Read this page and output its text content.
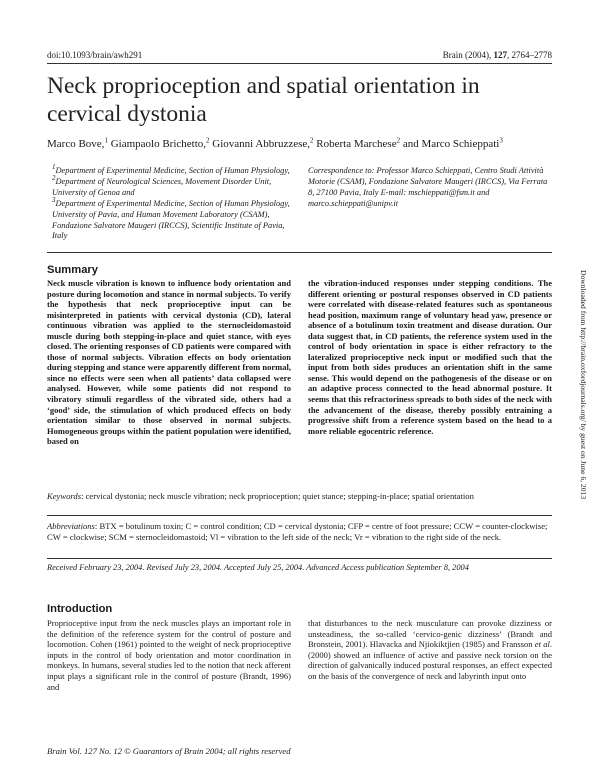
doi:10.1093/brain/awh291	Brain (2004), 127, 2764–2778
Neck proprioception and spatial orientation in cervical dystonia
Marco Bove,$^1$ Giampaolo Brichetto,$^2$ Giovanni Abbruzzese,$^2$ Roberta Marchese$^2$ and Marco Schieppati$^3$
$^1$Department of Experimental Medicine, Section of Human Physiology, $^2$Department of Neurological Sciences, Movement Disorder Unit, University of Genoa and
$^3$Department of Experimental Medicine, Section of Human Physiology, University of Pavia, and Human Movement Laboratory (CSAM), Fondazione Salvatore Maugeri (IRCCS), Scientific Institute of Pavia, Italy
Correspondence to: Professor Marco Schieppati, Centro Studi Attività Motorie (CSAM), Fondazione Salvatore Maugeri (IRCCS), Via Ferrata 8, 27100 Pavia, Italy E-mail: mschieppati@fsm.it and marco.schieppati@unipv.it
Summary
Neck muscle vibration is known to influence body orientation and posture during locomotion and stance in normal subjects. To verify the hypothesis that neck proprioceptive input can be misinterpreted in patients with cervical dystonia (CD), lateral continuous vibration was applied to the sternocleidomastoid muscle during both stepping-in-place and quiet stance, with eyes closed. The orienting responses of CD patients were compared with those of normal subjects. Vibration effects on body orientation during stepping and stance were apparently different from normal, since no effects were seen when all patients’ data collapsed were analysed. However, while some patients did not respond to vibratory stimuli regardless of the vibrated side, others had a ‘good’ side, the stimulation of which produced effects on body orientation similar to those observed in normal subjects. Homogeneous groups within the patient population were identified, based on
the vibration-induced responses under stepping conditions. The different orienting or postural responses observed in CD patients were correlated with disease-related features such as spontaneous head position, maximum range of voluntary head yaw, presence or absence of a botulinum toxin treatment and disease duration. Our data suggest that, in CD patients, the reference system used in the control of body orientation in space is either refractory to the lateralized proprioceptive neck input or modified such that the input from both sides produces an orientation shift in the same sense. This would depend on the pathogenesis of the disease or on an adaptive process connected to the head abnormal posture. It seems that this refractoriness spreads to both sides of the neck with the advancement of the disease, thereby possibly entraining a progressive shift from a reference system based on the head to a more reliable egocentric reference.
Keywords: cervical dystonia; neck muscle vibration; neck proprioception; quiet stance; stepping-in-place; spatial orientation
Abbreviations: BTX = botulinum toxin; C = control condition; CD = cervical dystonia; CFP = centre of foot pressure; CCW = counter-clockwise; CW = clockwise; SCM = sternocleidomastoid; Vl = vibration to the left side of the neck; Vr = vibration to the right side of the neck.
Received February 23, 2004. Revised July 23, 2004. Accepted July 25, 2004. Advanced Access publication September 8, 2004
Introduction
Proprioceptive input from the neck muscles plays an important role in the definition of the reference system for the control of posture and locomotion. Cohen (1961) pointed to the weight of neck proprioceptive inputs in the control of body orientation and motor coordination in monkeys. In humans, several studies led to the notion that neck afferent input plays a significant role in the control of posture (Brandt, 1996) and
that disturbances to the neck musculature can provoke dizziness or unsteadiness, the so-called ‘cervico-genic dizziness’ (Brandt and Bronstein, 2001). Hlavacka and Njiokiktjien (1985) and Fransson et al. (2000) showed an influence of active and passive neck torsion on the direction of galvanically induced postural responses, an effect expected on the basis of the convergence of neck and labyrinth input onto
Brain Vol. 127 No. 12 © Guarantors of Brain 2004; all rights reserved
Downloaded from http://brain.oxfordjournals.org/ by guest on June 6, 2013
